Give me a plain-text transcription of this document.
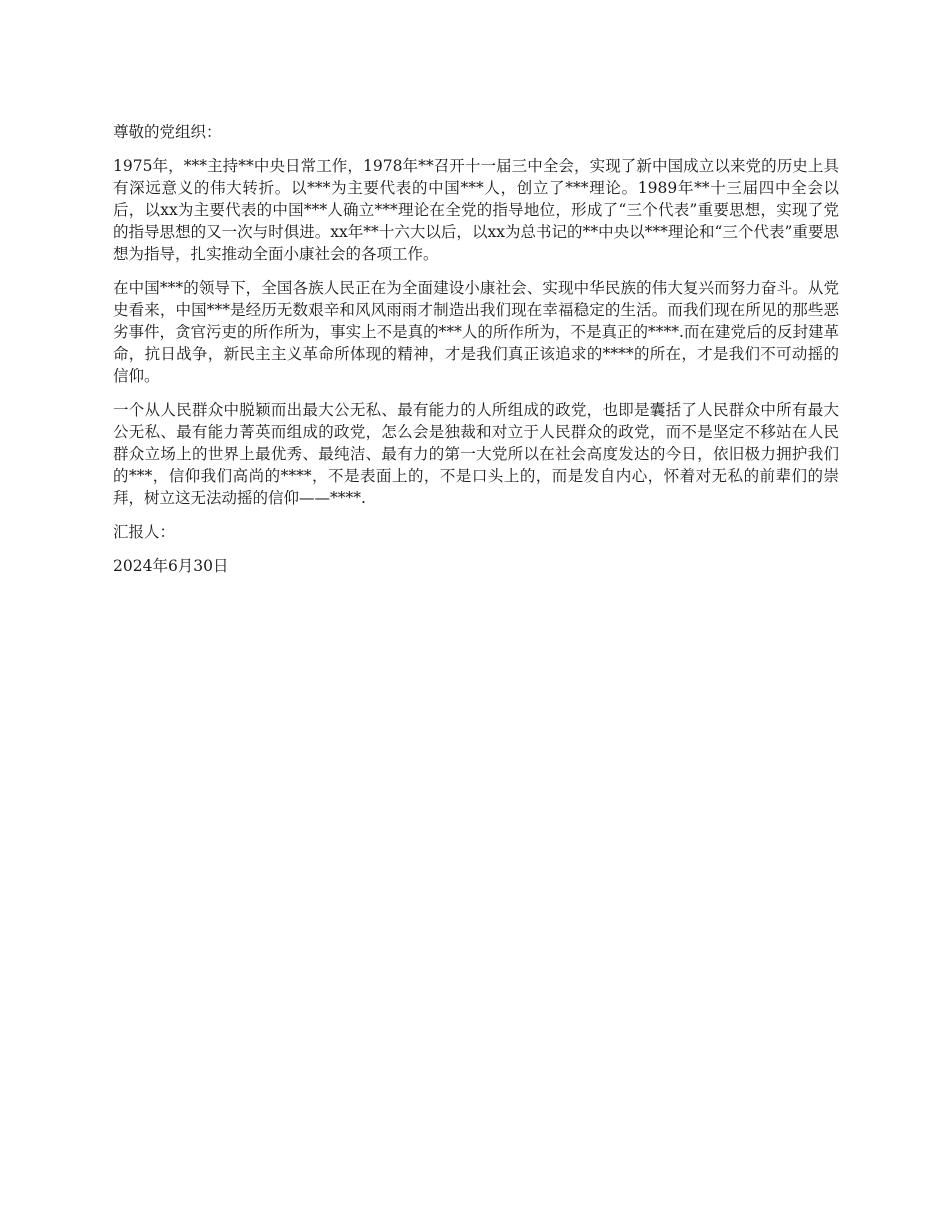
尊敬的党组织：

1975年，***主持**中央日常工作，1978年**召开十一届三中全会，实现了新中国成立以来党的历史上具有深远意义的伟大转折。以***为主要代表的中国***人，创立了***理论。1989年**十三届四中全会以后，以xx为主要代表的中国***人确立***理论在全党的指导地位，形成了“三个代表”重要思想，实现了党的指导思想的又一次与时俱进。xx年**十六大以后，以xx为总书记的**中央以***理论和“三个代表”重要思想为指导，扎实推动全面小康社会的各项工作。

在中国***的领导下，全国各族人民正在为全面建设小康社会、实现中华民族的伟大复兴而努力奋斗。从党史看来，中国***是经历无数艰辛和风风雨雨才制造出我们现在幸福稳定的生活。而我们现在所见的那些恶劣事件，贪官污吏的所作所为，事实上不是真的***人的所作所为，不是真正的****.而在建党后的反封建革命，抗日战争，新民主主义革命所体现的精神，才是我们真正该追求的****的所在，才是我们不可动摇的信仰。

一个从人民群众中脱颖而出最大公无私、最有能力的人所组成的政党，也即是囊括了人民群众中所有最大公无私、最有能力菁英而组成的政党，怎么会是独裁和对立于人民群众的政党，而不是坚定不移站在人民群众立场上的世界上最优秀、最纯洁、最有力的第一大党所以在社会高度发达的今日，依旧极力拥护我们的***，信仰我们高尚的****，不是表面上的，不是口头上的，而是发自内心，怀着对无私的前辈们的崇拜，树立这无法动摇的信仰——****.

汇报人：

2024年6月30日
